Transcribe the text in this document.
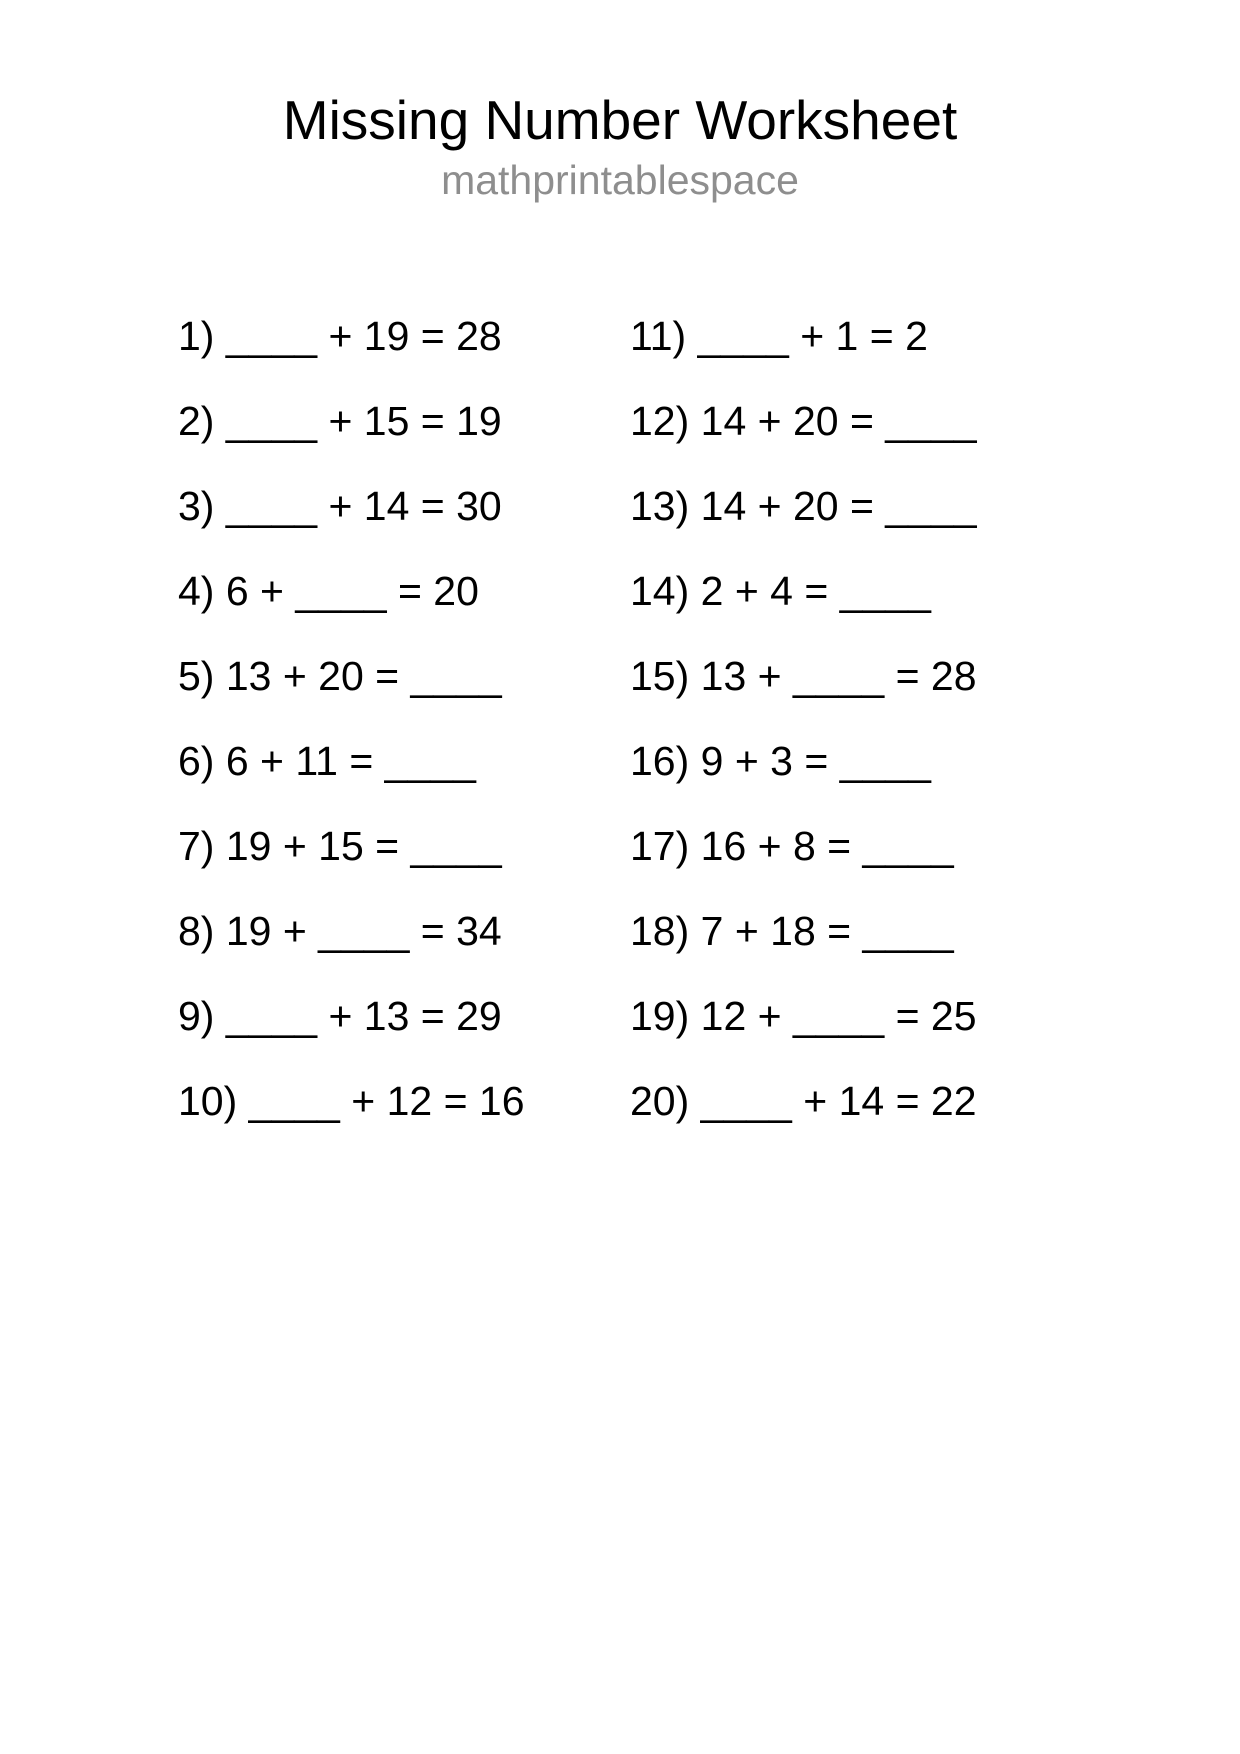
Missing Number Worksheet
mathprintablespace
1) ____ + 19 = 28
2) ____ + 15 = 19
3) ____ + 14 = 30
4) 6 + ____ = 20
5) 13 + 20 = ____
6) 6 + 11 = ____
7) 19 + 15 = ____
8) 19 + ____ = 34
9) ____ + 13 = 29
10) ____ + 12 = 16
11) ____ + 1 = 2
12) 14 + 20 = ____
13) 14 + 20 = ____
14) 2 + 4 = ____
15) 13 + ____ = 28
16) 9 + 3 = ____
17) 16 + 8 = ____
18) 7 + 18 = ____
19) 12 + ____ = 25
20) ____ + 14 = 22
